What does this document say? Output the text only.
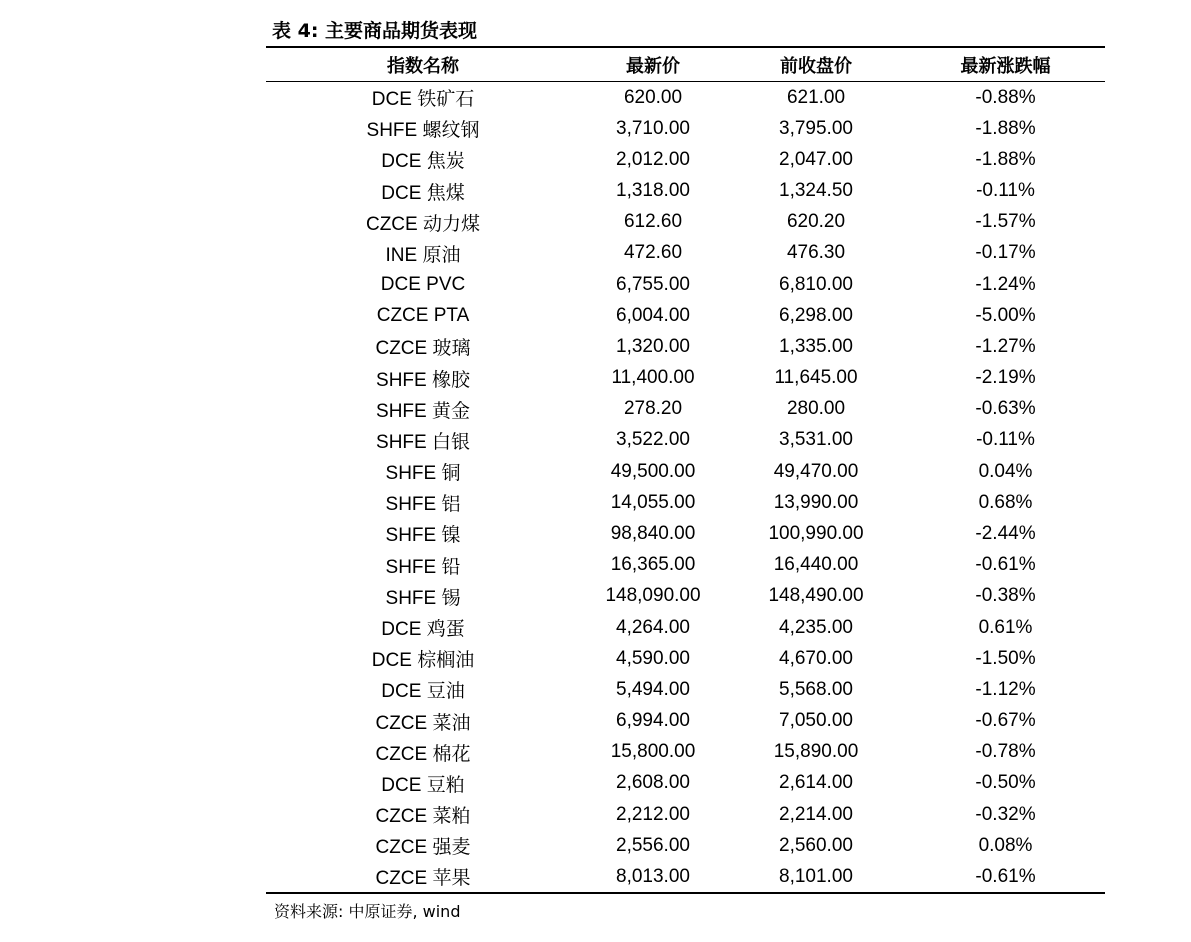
表 4: 主要商品期货表现
指数名称	最新价	前收盘价	最新涨跌幅
DCE 铁矿石	620.00	621.00	-0.88%
SHFE 螺纹钢	3,710.00	3,795.00	-1.88%
DCE 焦炭	2,012.00	2,047.00	-1.88%
DCE 焦煤	1,318.00	1,324.50	-0.11%
CZCE 动力煤	612.60	620.20	-1.57%
INE 原油	472.60	476.30	-0.17%
DCE PVC	6,755.00	6,810.00	-1.24%
CZCE PTA	6,004.00	6,298.00	-5.00%
CZCE 玻璃	1,320.00	1,335.00	-1.27%
SHFE 橡胶	11,400.00	11,645.00	-2.19%
SHFE 黄金	278.20	280.00	-0.63%
SHFE 白银	3,522.00	3,531.00	-0.11%
SHFE 铜	49,500.00	49,470.00	0.04%
SHFE 铝	14,055.00	13,990.00	0.68%
SHFE 镍	98,840.00	100,990.00	-2.44%
SHFE 铅	16,365.00	16,440.00	-0.61%
SHFE 锡	148,090.00	148,490.00	-0.38%
DCE 鸡蛋	4,264.00	4,235.00	0.61%
DCE 棕榈油	4,590.00	4,670.00	-1.50%
DCE 豆油	5,494.00	5,568.00	-1.12%
CZCE 菜油	6,994.00	7,050.00	-0.67%
CZCE 棉花	15,800.00	15,890.00	-0.78%
DCE 豆粕	2,608.00	2,614.00	-0.50%
CZCE 菜粕	2,212.00	2,214.00	-0.32%
CZCE 强麦	2,556.00	2,560.00	0.08%
CZCE 苹果	8,013.00	8,101.00	-0.61%
资料来源: 中原证券, wind
